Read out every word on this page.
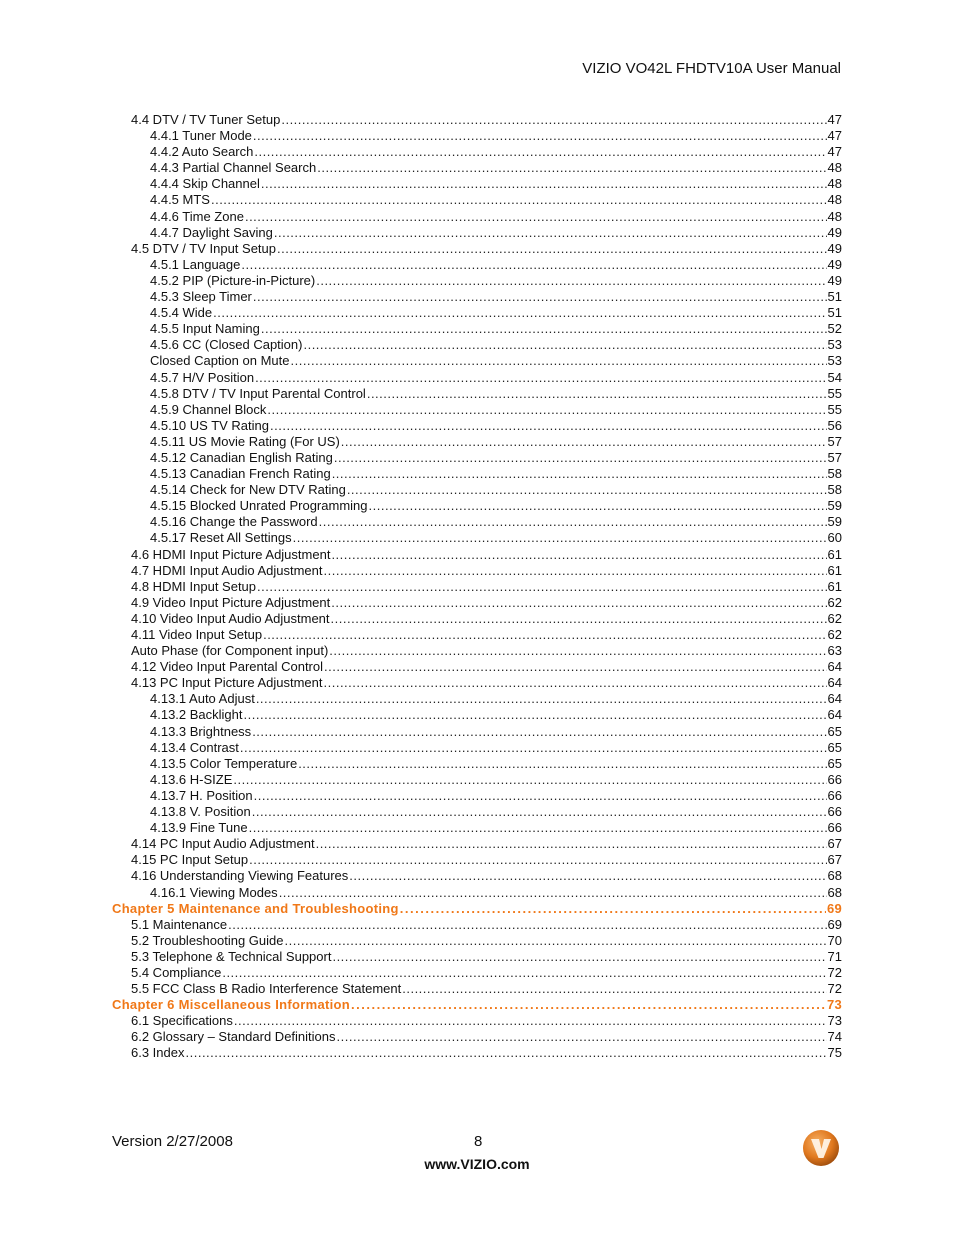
VIZIO VO42L FHDTV10A User Manual
4.4 DTV / TV Tuner Setup .....	47
4.4.1 Tuner Mode .....	47
4.4.2 Auto Search .....	47
4.4.3 Partial Channel Search .....	48
4.4.4 Skip Channel .....	48
4.4.5 MTS .....	48
4.4.6 Time Zone .....	48
4.4.7 Daylight Saving .....	49
4.5 DTV / TV Input Setup .....	49
4.5.1 Language .....	49
4.5.2 PIP (Picture-in-Picture) .....	49
4.5.3 Sleep Timer .....	51
4.5.4 Wide .....	51
4.5.5 Input Naming .....	52
4.5.6 CC (Closed Caption) .....	53
Closed Caption on Mute .....	53
4.5.7 H/V Position .....	54
4.5.8 DTV / TV Input Parental Control .....	55
4.5.9 Channel Block .....	55
4.5.10 US TV Rating .....	56
4.5.11 US Movie Rating (For US) .....	57
4.5.12 Canadian English Rating .....	57
4.5.13 Canadian French Rating .....	58
4.5.14 Check for New DTV Rating .....	58
4.5.15 Blocked Unrated Programming .....	59
4.5.16 Change the Password .....	59
4.5.17 Reset All Settings .....	60
4.6 HDMI Input Picture Adjustment .....	61
4.7 HDMI Input Audio Adjustment .....	61
4.8 HDMI Input Setup .....	61
4.9 Video Input Picture Adjustment .....	62
4.10 Video Input Audio Adjustment .....	62
4.11 Video Input Setup .....	62
Auto Phase (for Component input) .....	63
4.12 Video Input Parental Control .....	64
4.13 PC Input Picture Adjustment .....	64
4.13.1 Auto Adjust .....	64
4.13.2 Backlight .....	64
4.13.3 Brightness .....	65
4.13.4 Contrast .....	65
4.13.5 Color Temperature .....	65
4.13.6 H-SIZE .....	66
4.13.7 H. Position .....	66
4.13.8 V. Position .....	66
4.13.9 Fine Tune .....	66
4.14 PC Input Audio Adjustment .....	67
4.15 PC Input Setup .....	67
4.16 Understanding Viewing Features .....	68
4.16.1 Viewing Modes .....	68
Chapter 5 Maintenance and Troubleshooting .....	69
5.1 Maintenance .....	69
5.2 Troubleshooting Guide .....	70
5.3 Telephone & Technical Support .....	71
5.4 Compliance .....	72
5.5 FCC Class B Radio Interference Statement .....	72
Chapter 6 Miscellaneous Information .....	73
6.1 Specifications .....	73
6.2 Glossary – Standard Definitions .....	74
6.3 Index .....	75
Version 2/27/2008	8
www.VIZIO.com
